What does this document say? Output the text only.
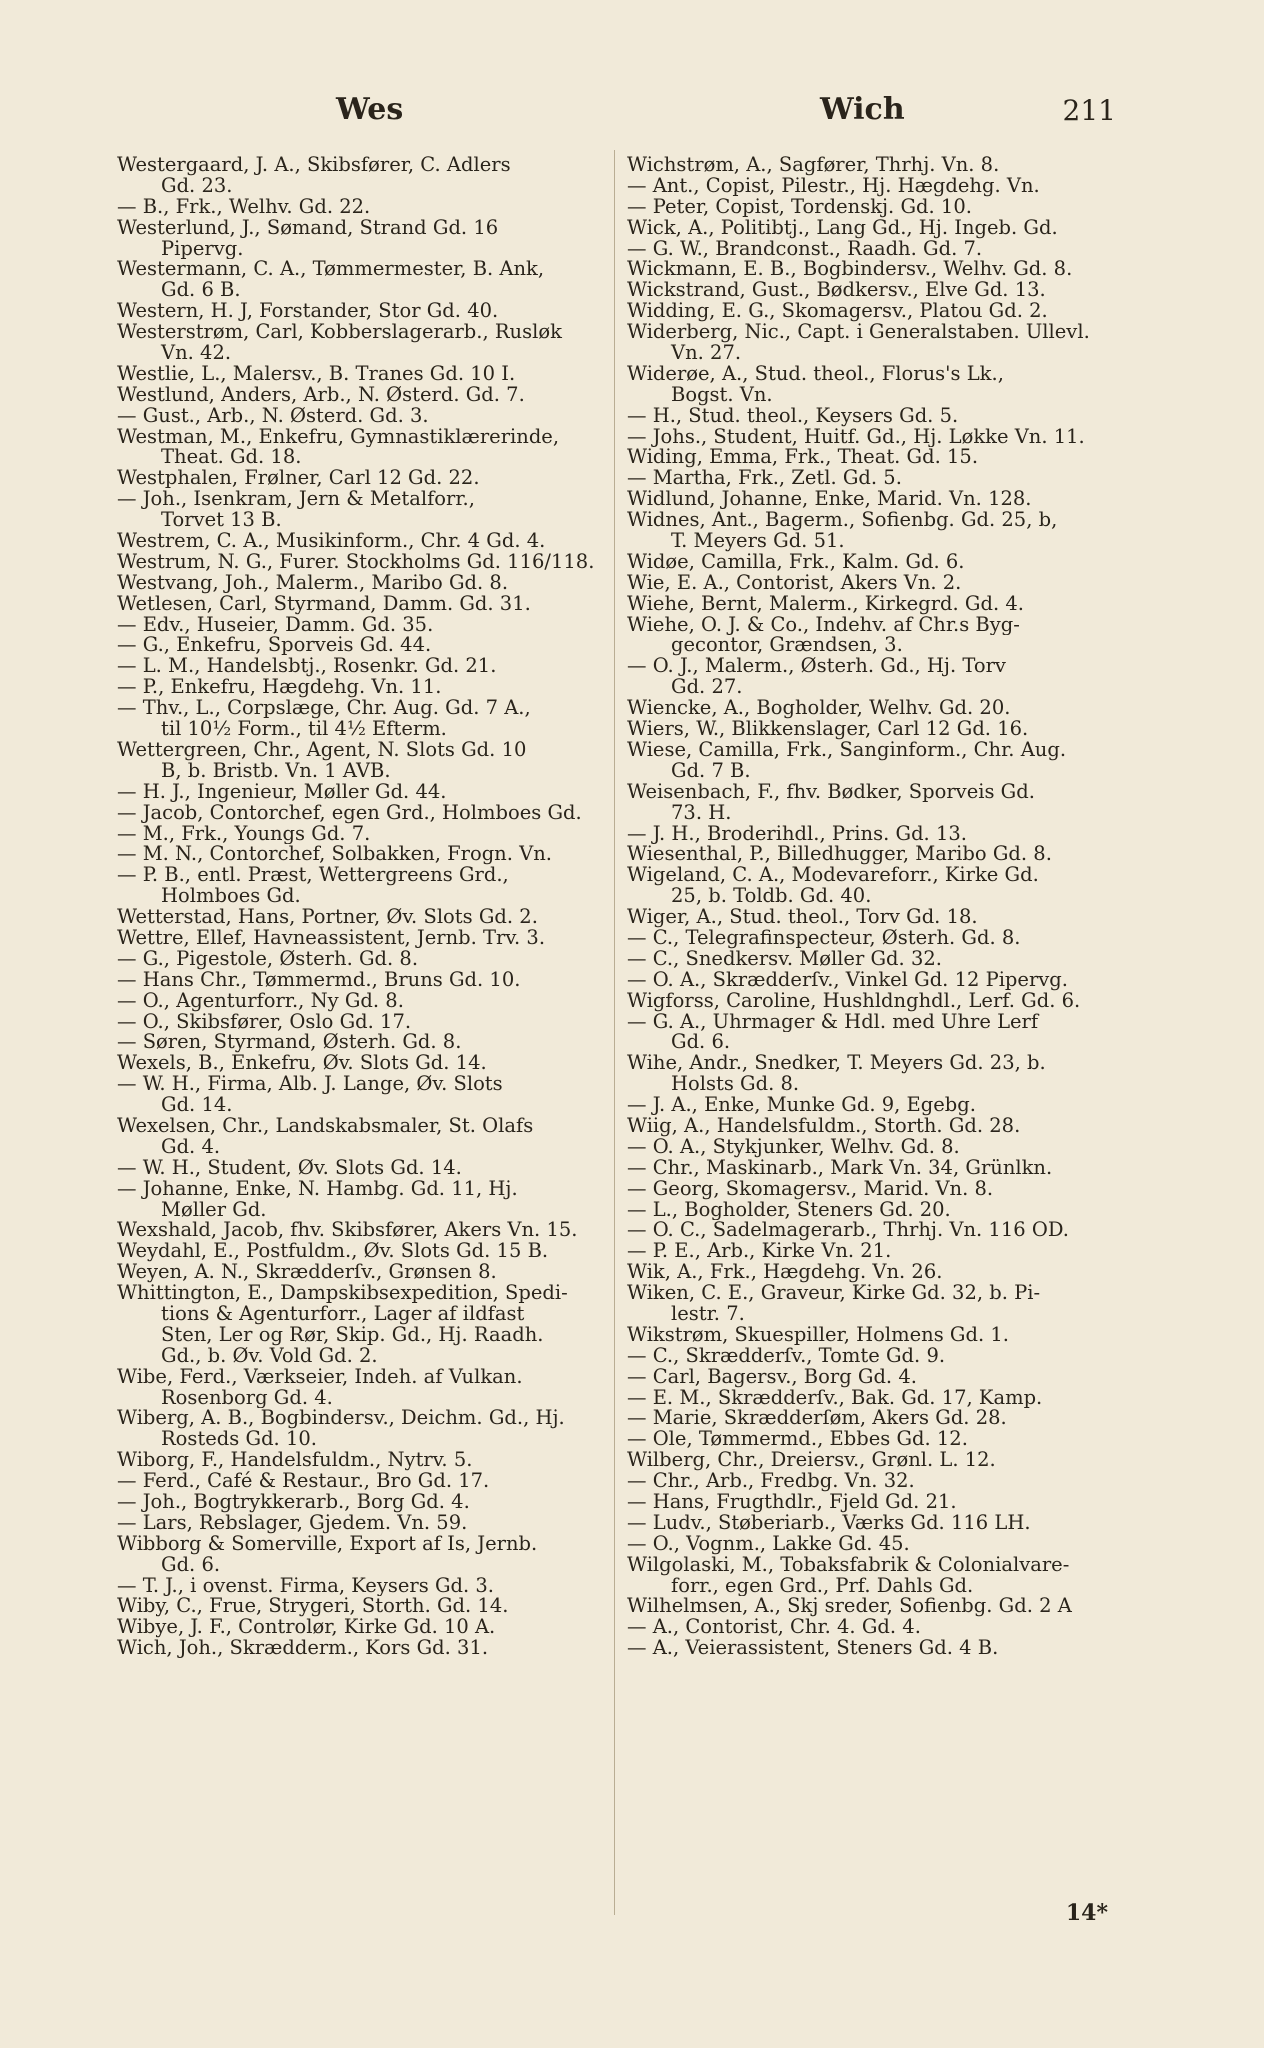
Wes	Wich	211
Westergaard, J. A., Skibsfører, C. Adlers
Gd. 23.
— B., Frk., Welhv. Gd. 22.
Westerlund, J., Sømand, Strand Gd. 16
Pipervg.
Westermann, C. A., Tømmermester, B. Ank,
Gd. 6 B.
Western, H. J, Forstander, Stor Gd. 40.
Westerstrøm, Carl, Kobberslagerarb., Rusløk
Vn. 42.
Westlie, L., Malersv., B. Tranes Gd. 10 I.
Westlund, Anders, Arb., N. Østerd. Gd. 7.
— Gust., Arb., N. Østerd. Gd. 3.
Westman, M., Enkefru, Gymnastiklærerinde,
Theat. Gd. 18.
Westphalen, Frølner, Carl 12 Gd. 22.
— Joh., Isenkram, Jern & Metalforr.,
Torvet 13 B.
Westrem, C. A., Musikinform., Chr. 4 Gd. 4.
Westrum, N. G., Furer. Stockholms Gd. 116/118.
Westvang, Joh., Malerm., Maribo Gd. 8.
Wetlesen, Carl, Styrmand, Damm. Gd. 31.
— Edv., Huseier, Damm. Gd. 35.
— G., Enkefru, Sporveis Gd. 44.
— L. M., Handelsbtj., Rosenkr. Gd. 21.
— P., Enkefru, Hægdehg. Vn. 11.
— Thv., L., Corpslæge, Chr. Aug. Gd. 7 A.,
til 10½ Form., til 4½ Efterm.
Wettergreen, Chr., Agent, N. Slots Gd. 10
B, b. Bristb. Vn. 1 AVB.
— H. J., Ingenieur, Møller Gd. 44.
— Jacob, Contorchef, egen Grd., Holmboes Gd.
— M., Frk., Youngs Gd. 7.
— M. N., Contorchef, Solbakken, Frogn. Vn.
— P. B., entl. Præst, Wettergreens Grd.,
Holmboes Gd.
Wetterstad, Hans, Portner, Øv. Slots Gd. 2.
Wettre, Ellef, Havneassistent, Jernb. Trv. 3.
— G., Pigestole, Østerh. Gd. 8.
— Hans Chr., Tømmermd., Bruns Gd. 10.
— O., Agenturforr., Ny Gd. 8.
— O., Skibsfører, Oslo Gd. 17.
— Søren, Styrmand, Østerh. Gd. 8.
Wexels, B., Enkefru, Øv. Slots Gd. 14.
— W. H., Firma, Alb. J. Lange, Øv. Slots
Gd. 14.
Wexelsen, Chr., Landskabsmaler, St. Olafs
Gd. 4.
— W. H., Student, Øv. Slots Gd. 14.
— Johanne, Enke, N. Hambg. Gd. 11, Hj.
Møller Gd.
Wexshald, Jacob, fhv. Skibsfører, Akers Vn. 15.
Weydahl, E., Postfuldm., Øv. Slots Gd. 15 B.
Weyen, A. N., Skrædderſv., Grønsen 8.
Whittington, E., Dampskibsexpedition, Spedi-
tions & Agenturforr., Lager af ildfast
Sten, Ler og Rør, Skip. Gd., Hj. Raadh.
Gd., b. Øv. Vold Gd. 2.
Wibe, Ferd., Værkseier, Indeh. af Vulkan.
Rosenborg Gd. 4.
Wiberg, A. B., Bogbindersv., Deichm. Gd., Hj.
Rosteds Gd. 10.
Wiborg, F., Handelsfuldm., Nytrv. 5.
— Ferd., Café & Restaur., Bro Gd. 17.
— Joh., Bogtrykkerarb., Borg Gd. 4.
— Lars, Rebslager, Gjedem. Vn. 59.
Wibborg & Somerville, Export af Is, Jernb.
Gd. 6.
— T. J., i ovenst. Firma, Keysers Gd. 3.
Wiby, C., Frue, Strygeri, Storth. Gd. 14.
Wibye, J. F., Controlør, Kirke Gd. 10 A.
Wich, Joh., Skrædderm., Kors Gd. 31.
Wichstrøm, A., Sagfører, Thrhj. Vn. 8.
— Ant., Copist, Pilestr., Hj. Hægdehg. Vn.
— Peter, Copist, Tordenskj. Gd. 10.
Wick, A., Politibtj., Lang Gd., Hj. Ingeb. Gd.
— G. W., Brandconst., Raadh. Gd. 7.
Wickmann, E. B., Bogbindersv., Welhv. Gd. 8.
Wickstrand, Gust., Bødkersv., Elve Gd. 13.
Widding, E. G., Skomagersv., Platou Gd. 2.
Widerberg, Nic., Capt. i Generalstaben. Ullevl.
Vn. 27.
Widerøe, A., Stud. theol., Florus's Lk.,
Bogst. Vn.
— H., Stud. theol., Keysers Gd. 5.
— Johs., Student, Huitf. Gd., Hj. Løkke Vn. 11.
Widing, Emma, Frk., Theat. Gd. 15.
— Martha, Frk., Zetl. Gd. 5.
Widlund, Johanne, Enke, Marid. Vn. 128.
Widnes, Ant., Bagerm., Sofienbg. Gd. 25, b,
T. Meyers Gd. 51.
Widøe, Camilla, Frk., Kalm. Gd. 6.
Wie, E. A., Contorist, Akers Vn. 2.
Wiehe, Bernt, Malerm., Kirkegrd. Gd. 4.
Wiehe, O. J. & Co., Indehv. af Chr.s Byg-
gecontor, Grændsen, 3.
— O. J., Malerm., Østerh. Gd., Hj. Torv
Gd. 27.
Wiencke, A., Bogholder, Welhv. Gd. 20.
Wiers, W., Blikkenslager, Carl 12 Gd. 16.
Wiese, Camilla, Frk., Sanginform., Chr. Aug.
Gd. 7 B.
Weisenbach, F., fhv. Bødker, Sporveis Gd.
73. H.
— J. H., Broderihdl., Prins. Gd. 13.
Wiesenthal, P., Billedhugger, Maribo Gd. 8.
Wigeland, C. A., Modevareforr., Kirke Gd.
25, b. Toldb. Gd. 40.
Wiger, A., Stud. theol., Torv Gd. 18.
— C., Telegrafinspecteur, Østerh. Gd. 8.
— C., Snedkersv. Møller Gd. 32.
— O. A., Skrædderſv., Vinkel Gd. 12 Pipervg.
Wigforss, Caroline, Hushldnghdl., Lerf. Gd. 6.
— G. A., Uhrmager & Hdl. med Uhre Lerf
Gd. 6.
Wihe, Andr., Snedker, T. Meyers Gd. 23, b.
Holsts Gd. 8.
— J. A., Enke, Munke Gd. 9, Egebg.
Wiig, A., Handelsfuldm., Storth. Gd. 28.
— O. A., Stykjunker, Welhv. Gd. 8.
— Chr., Maskinarb., Mark Vn. 34, Grünlkn.
— Georg, Skomagersv., Marid. Vn. 8.
— L., Bogholder, Steners Gd. 20.
— O. C., Sadelmagerarb., Thrhj. Vn. 116 OD.
— P. E., Arb., Kirke Vn. 21.
Wik, A., Frk., Hægdehg. Vn. 26.
Wiken, C. E., Graveur, Kirke Gd. 32, b. Pi-
lestr. 7.
Wikstrøm, Skuespiller, Holmens Gd. 1.
— C., Skrædderſv., Tomte Gd. 9.
— Carl, Bagersv., Borg Gd. 4.
— E. M., Skrædderſv., Bak. Gd. 17, Kamp.
— Marie, Skrædderſøm, Akers Gd. 28.
— Ole, Tømmermd., Ebbes Gd. 12.
Wilberg, Chr., Dreiersv., Grønl. L. 12.
— Chr., Arb., Fredbg. Vn. 32.
— Hans, Frugthdlr., Fjeld Gd. 21.
— Ludv., Støberiarb., Værks Gd. 116 LH.
— O., Vognm., Lakke Gd. 45.
Wilgolaski, M., Tobaksfabrik & Colonialvare-
forr., egen Grd., Prf. Dahls Gd.
Wilhelmsen, A., Skj sreder, Sofienbg. Gd. 2 A
— A., Contorist, Chr. 4. Gd. 4.
— A., Veierassistent, Steners Gd. 4 B.
14*
